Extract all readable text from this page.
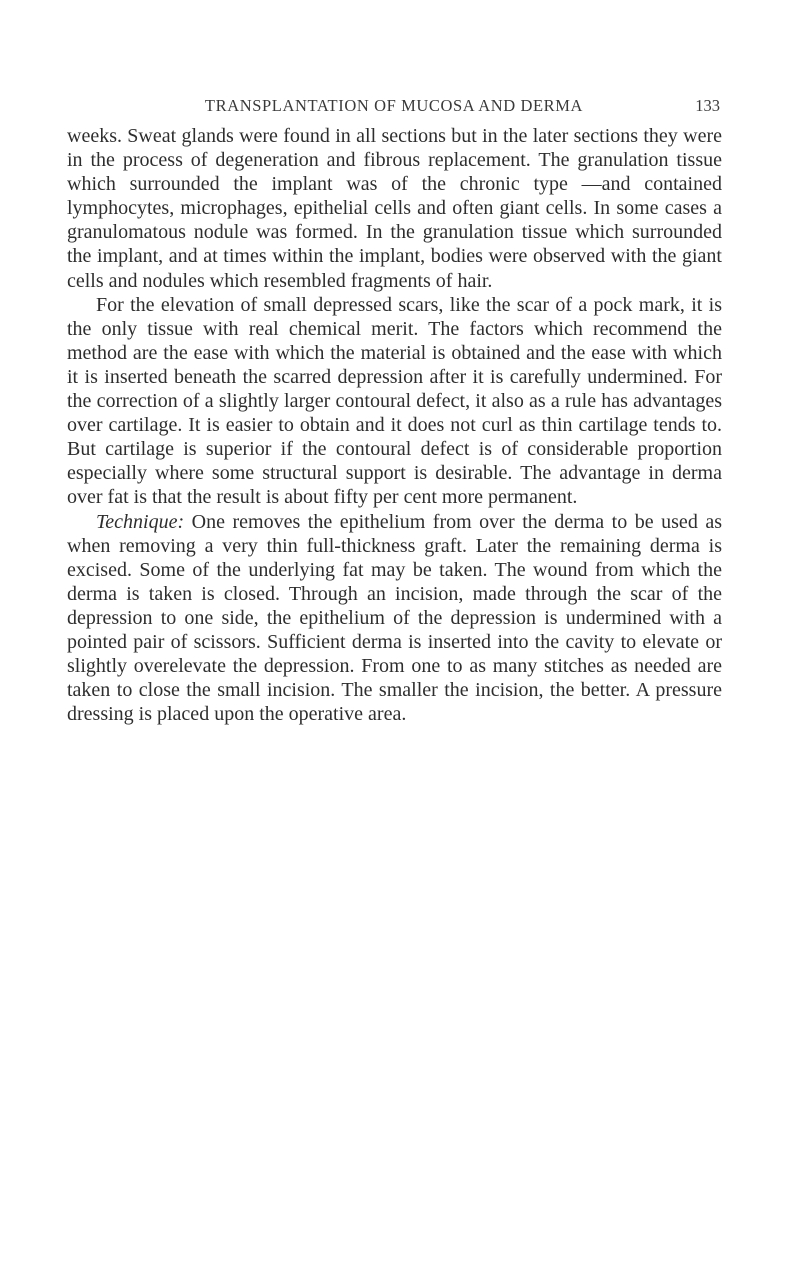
TRANSPLANTATION OF MUCOSA AND DERMA	133

weeks. Sweat glands were found in all sections but in the later sections they were in the process of degeneration and fibrous replacement. The granulation tissue which surrounded the implant was of the chronic type —and contained lymphocytes, microphages, epithelial cells and often giant cells. In some cases a granulomatous nodule was formed. In the granulation tissue which surrounded the implant, and at times within the implant, bodies were observed with the giant cells and nodules which resembled fragments of hair.

For the elevation of small depressed scars, like the scar of a pock mark, it is the only tissue with real chemical merit. The factors which recommend the method are the ease with which the material is obtained and the ease with which it is inserted beneath the scarred depression after it is carefully undermined. For the correction of a slightly larger contoural defect, it also as a rule has advantages over cartilage. It is easier to obtain and it does not curl as thin cartilage tends to. But cartilage is superior if the contoural defect is of considerable proportion especially where some structural support is desirable. The advantage in derma over fat is that the result is about fifty per cent more permanent.

Technique: One removes the epithelium from over the derma to be used as when removing a very thin full-thickness graft. Later the remaining derma is excised. Some of the underlying fat may be taken. The wound from which the derma is taken is closed. Through an incision, made through the scar of the depression to one side, the epithelium of the depression is undermined with a pointed pair of scissors. Sufficient derma is inserted into the cavity to elevate or slightly overelevate the depression. From one to as many stitches as needed are taken to close the small incision. The smaller the incision, the better. A pressure dressing is placed upon the operative area.
